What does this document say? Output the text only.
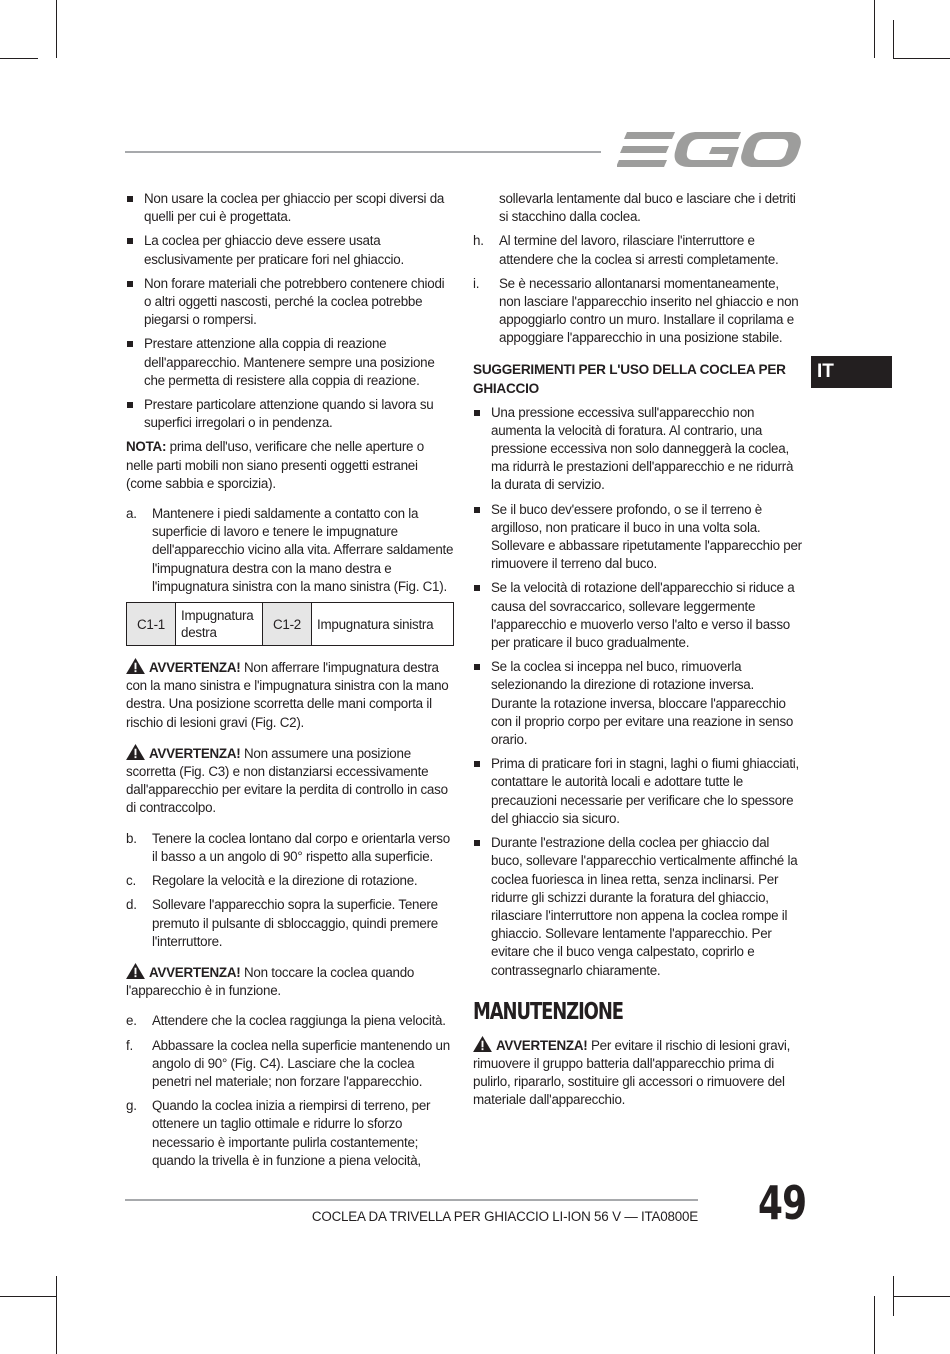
IT
Non usare la coclea per ghiaccio per scopi diversi da quelli per cui è progettata.
La coclea per ghiaccio deve essere usata esclusivamente per praticare fori nel ghiaccio.
Non forare materiali che potrebbero contenere chiodi o altri oggetti nascosti, perché la coclea potrebbe piegarsi o rompersi.
Prestare attenzione alla coppia di reazione dell'apparecchio. Mantenere sempre una posizione che permetta di resistere alla coppia di reazione.
Prestare particolare attenzione quando si lavora su superfici irregolari o in pendenza.

NOTA: prima dell'uso, verificare che nelle aperture o nelle parti mobili non siano presenti oggetti estranei (come sabbia e sporcizia).

a. Mantenere i piedi saldamente a contatto con la superficie di lavoro e tenere le impugnature dell'apparecchio vicino alla vita. Afferrare saldamente l'impugnatura destra con la mano destra e l'impugnatura sinistra con la mano sinistra (Fig. C1).
C1-1	Impugnatura destra	C1-2	Impugnatura sinistra

AVVERTENZA! Non afferrare l'impugnatura destra con la mano sinistra e l'impugnatura sinistra con la mano destra. Una posizione scorretta delle mani comporta il rischio di lesioni gravi (Fig. C2).

AVVERTENZA! Non assumere una posizione scorretta (Fig. C3) e non distanziarsi eccessivamente dall'apparecchio per evitare la perdita di controllo in caso di contraccolpo.

b. Tenere la coclea lontano dal corpo e orientarla verso il basso a un angolo di 90° rispetto alla superficie.
c. Regolare la velocità e la direzione di rotazione.
d. Sollevare l'apparecchio sopra la superficie. Tenere premuto il pulsante di sbloccaggio, quindi premere l'interruttore.

AVVERTENZA! Non toccare la coclea quando l'apparecchio è in funzione.

e. Attendere che la coclea raggiunga la piena velocità.
f. Abbassare la coclea nella superficie mantenendo un angolo di 90° (Fig. C4). Lasciare che la coclea penetri nel materiale; non forzare l'apparecchio.
g. Quando la coclea inizia a riempirsi di terreno, per ottenere un taglio ottimale e ridurre lo sforzo necessario è importante pulirla costantemente; quando la trivella è in funzione a piena velocità,
sollevarla lentamente dal buco e lasciare che i detriti si stacchino dalla coclea.
h. Al termine del lavoro, rilasciare l'interruttore e attendere che la coclea si arresti completamente.
i. Se è necessario allontanarsi momentaneamente, non lasciare l'apparecchio inserito nel ghiaccio e non appoggiarlo contro un muro. Installare il coprilama e appoggiare l'apparecchio in una posizione stabile.
SUGGERIMENTI PER L'USO DELLA COCLEA PER GHIACCIO
Una pressione eccessiva sull'apparecchio non aumenta la velocità di foratura. Al contrario, una pressione eccessiva non solo danneggerà la coclea, ma ridurrà le prestazioni dell'apparecchio e ne ridurrà la durata di servizio.
Se il buco dev'essere profondo, o se il terreno è argilloso, non praticare il buco in una volta sola. Sollevare e abbassare ripetutamente l'apparecchio per rimuovere il terreno dal buco.
Se la velocità di rotazione dell'apparecchio si riduce a causa del sovraccarico, sollevare leggermente l'apparecchio e muoverlo verso l'alto e verso il basso per praticare il buco gradualmente.
Se la coclea si inceppa nel buco, rimuoverla selezionando la direzione di rotazione inversa. Durante la rotazione inversa, bloccare l'apparecchio con il proprio corpo per evitare una reazione in senso orario.
Prima di praticare fori in stagni, laghi o fiumi ghiacciati, contattare le autorità locali e adottare tutte le precauzioni necessarie per verificare che lo spessore del ghiaccio sia sicuro.
Durante l'estrazione della coclea per ghiaccio dal buco, sollevare l'apparecchio verticalmente affinché la coclea fuoriesca in linea retta, senza inclinarsi. Per ridurre gli schizzi durante la foratura del ghiaccio, rilasciare l'interruttore non appena la coclea rompe il ghiaccio. Sollevare lentamente l'apparecchio. Per evitare che il buco venga calpestato, coprirlo e contrassegnarlo chiaramente.
MANUTENZIONE

AVVERTENZA! Per evitare il rischio di lesioni gravi, rimuovere il gruppo batteria dall'apparecchio prima di pulirlo, ripararlo, sostituire gli accessori o rimuovere del materiale dall'apparecchio.

COCLEA DA TRIVELLA PER GHIACCIO LI-ION 56 V — ITA0800E 49
